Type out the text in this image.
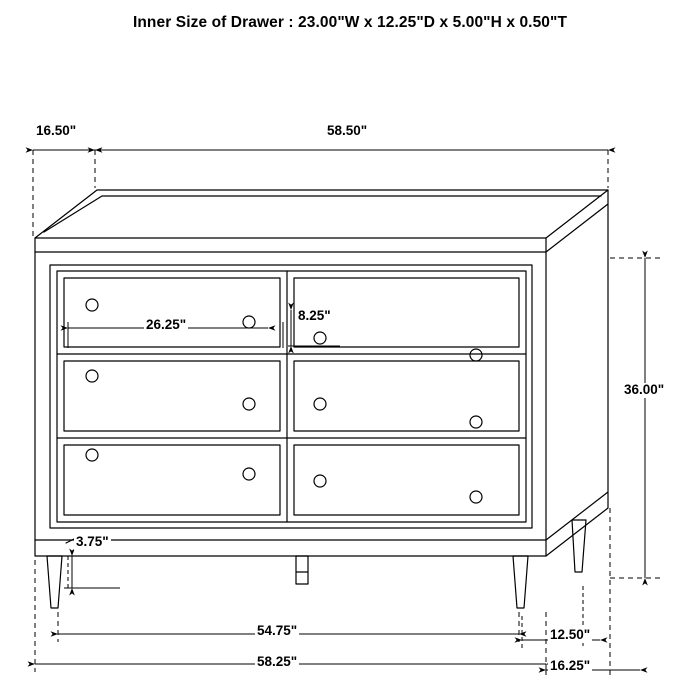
Inner Size of Drawer : 23.00"W x 12.25"D x 5.00"H x 0.50"T
16.50"	58.50"
26.25"
8.25"
36.00"
3.75"
54.75"
58.25"
12.50"
16.25"
